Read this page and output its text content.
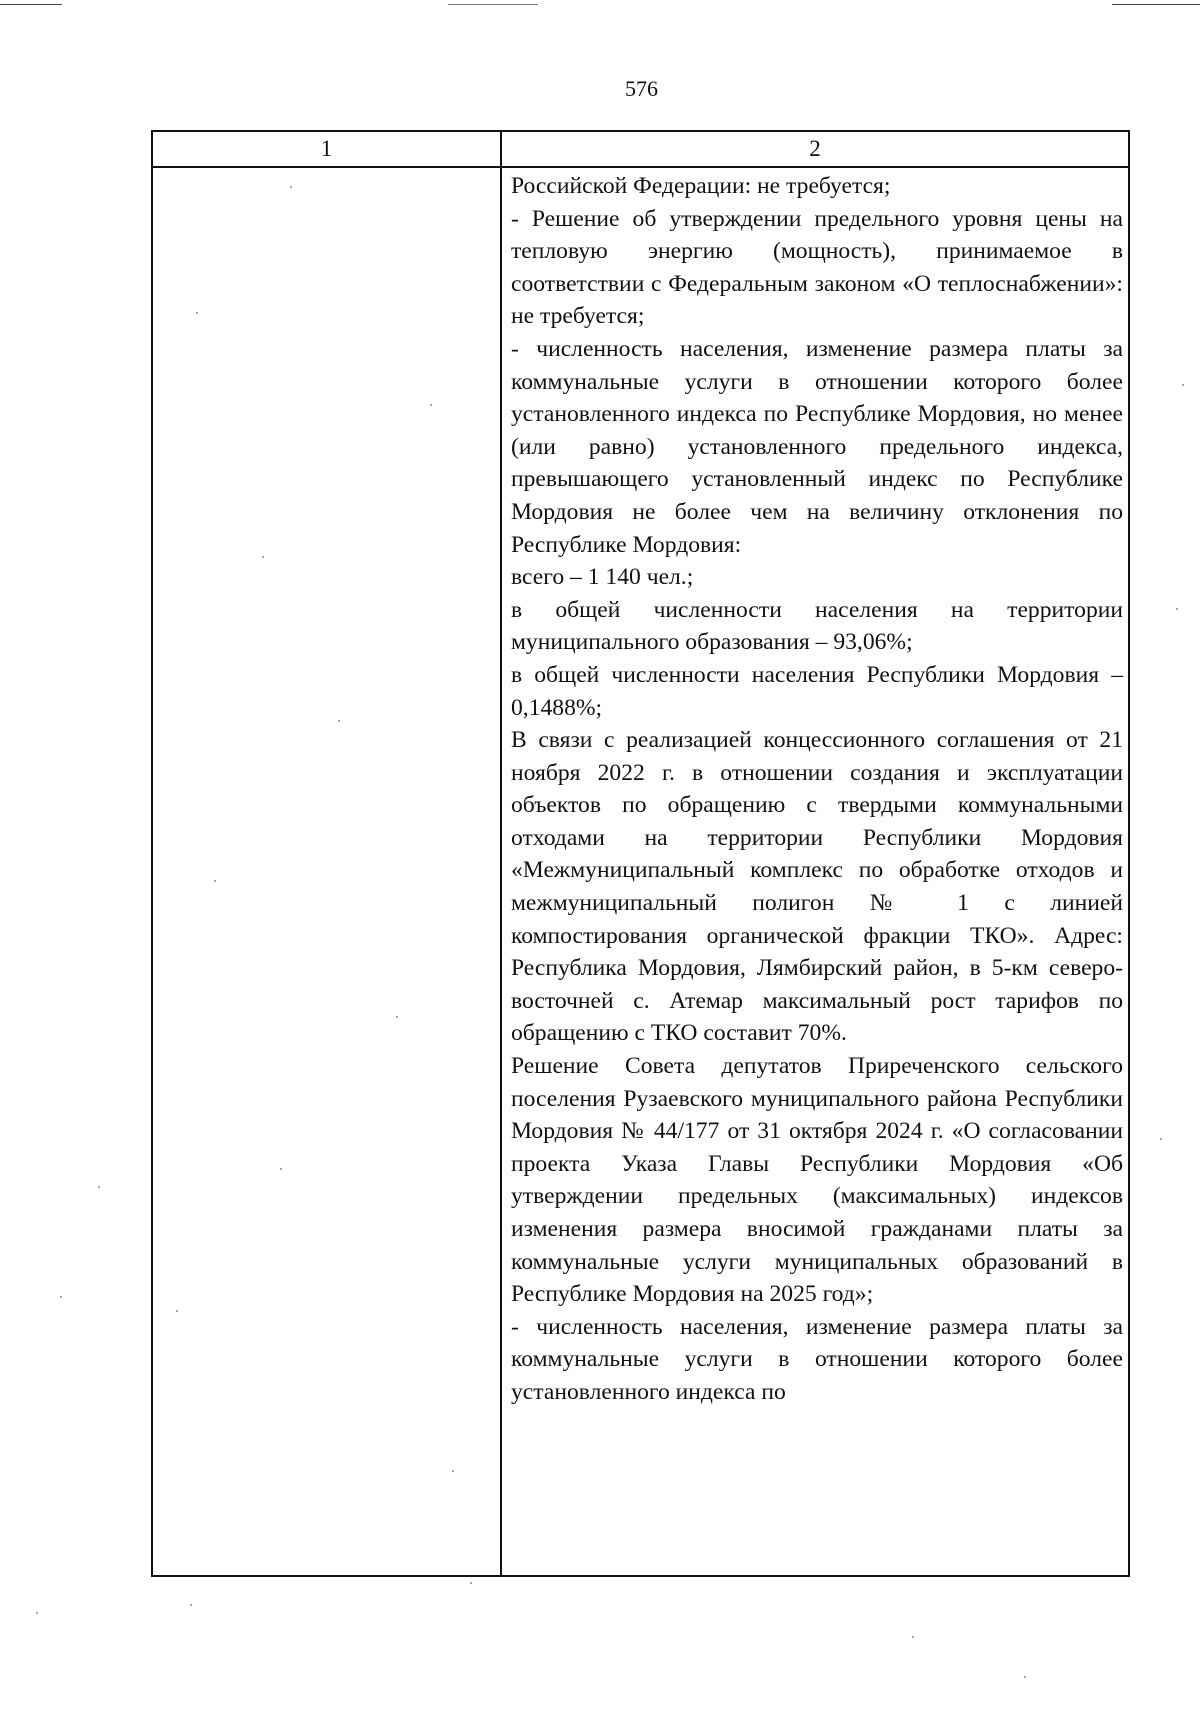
576
1	2

Российской Федерации: не требуется;

- Решение об утверждении предельного уровня цены на тепловую энергию (мощность), принимаемое в соответствии с Федеральным законом «О теплоснабжении»: не требуется;

- численность населения, изменение размера платы за коммунальные услуги в отношении которого более установленного индекса по Республике Мордовия, но менее (или равно) установленного предельного индекса, превышающего установленный индекс по Республике Мордовия не более чем на величину отклонения по Республике Мордовия:

всего – 1 140 чел.;

в общей численности населения на территории муниципального образования – 93,06%;

в общей численности населения Республики Мордовия – 0,1488%;

В связи с реализацией концессионного соглашения от 21 ноября 2022 г. в отношении создания и эксплуатации объектов по обращению с твердыми коммунальными отходами на территории Республики Мордовия «Межмуниципальный комплекс по обработке отходов и межмуниципальный полигон № 1 с линией компостирования органической фракции ТКО». Адрес: Республика Мордовия, Лямбирский район, в 5-км северо-восточней с. Атемар максимальный рост тарифов по обращению с ТКО составит 70%.

Решение Совета депутатов Приреченского сельского поселения Рузаевского муниципального района Республики Мордовия № 44/177 от 31 октября 2024 г. «О согласовании проекта Указа Главы Республики Мордовия «Об утверждении предельных (максимальных) индексов изменения размера вносимой гражданами платы за коммунальные услуги муниципальных образований в Республике Мордовия на 2025 год»;

- численность населения, изменение размера платы за коммунальные услуги в отношении которого более установленного индекса по
